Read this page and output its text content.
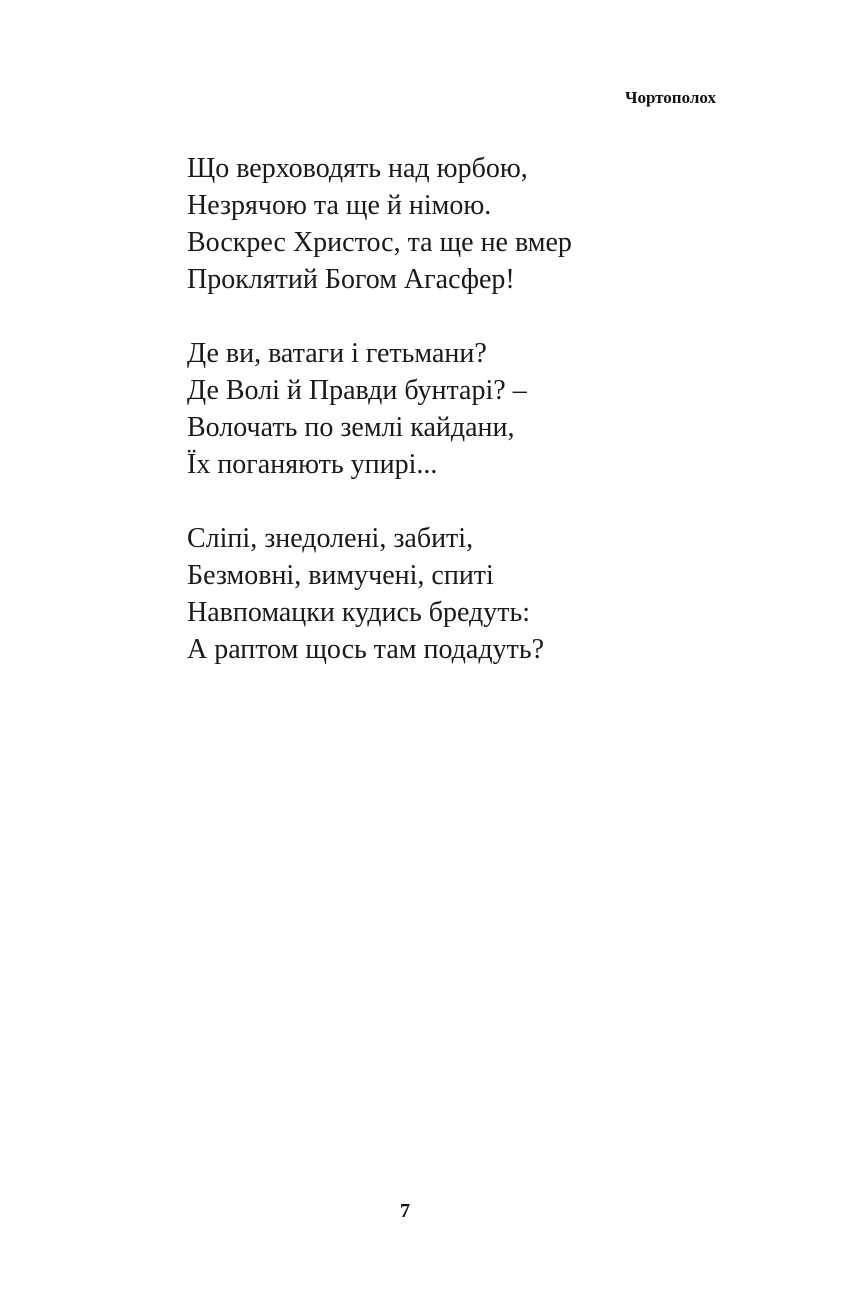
Чортополох
Що верховодять над юрбою,
Незрячою та ще й німою.
Воскрес Христос, та ще не вмер
Проклятий Богом Агасфер!
Де ви, ватаги і гетьмани?
Де Волі й Правди бунтарі? –
Волочать по землі кайдани,
Їх поганяють упирі...
Сліпі, знедолені, забиті,
Безмовні, вимучені, спиті
Навпомацки кудись бредуть:
А раптом щось там подадуть?
7
